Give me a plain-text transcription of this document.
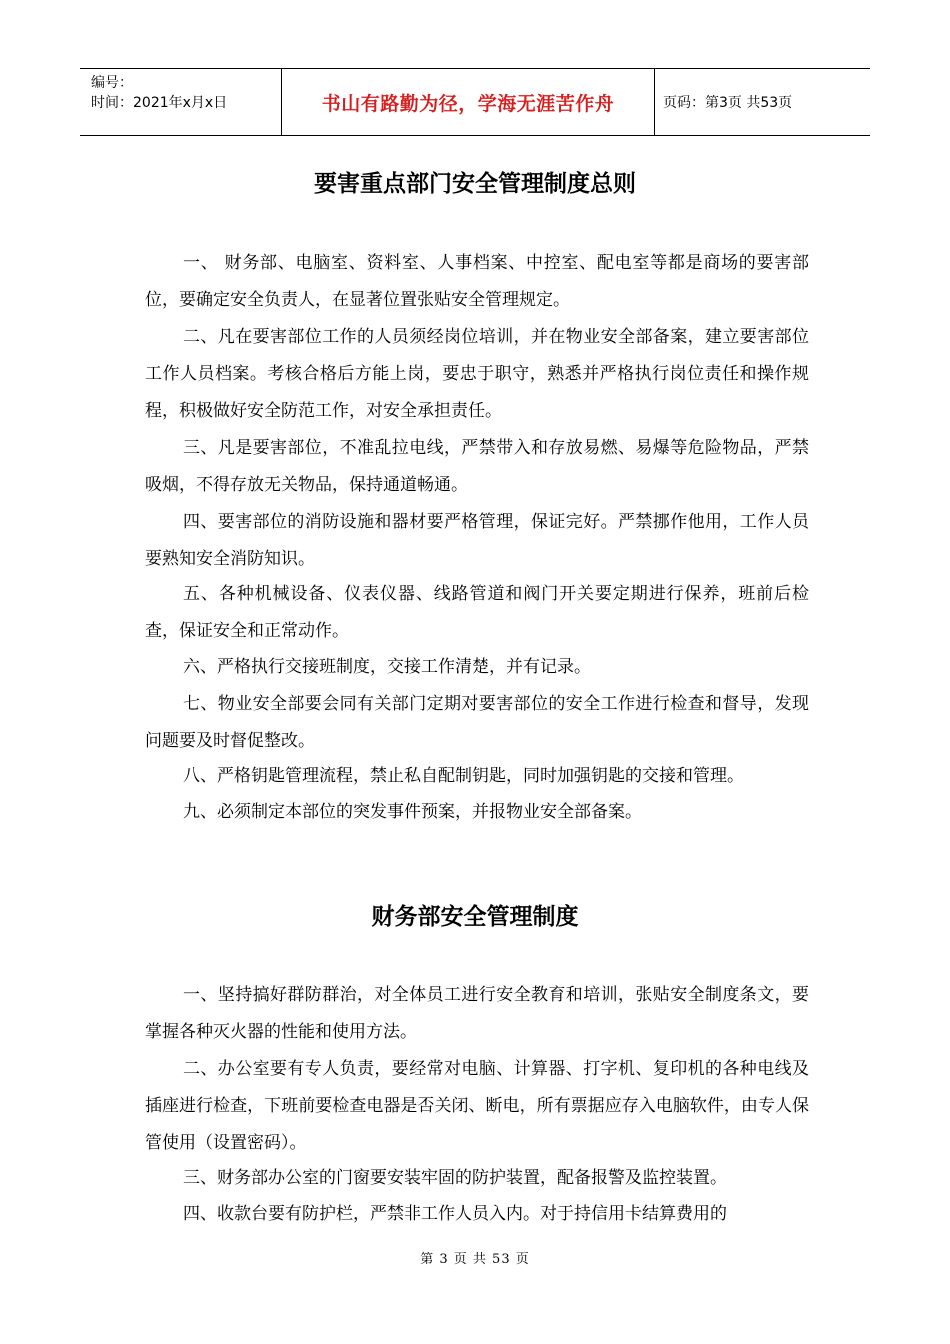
编号：
时间：2021年x月x日	书山有路勤为径，学海无涯苦作舟	页码：第3页 共53页
要害重点部门安全管理制度总则

一、 财务部、电脑室、资料室、人事档案、中控室、配电室等都是商场的要害部位，要确定安全负责人，在显著位置张贴安全管理规定。

二、凡在要害部位工作的人员须经岗位培训，并在物业安全部备案，建立要害部位工作人员档案。考核合格后方能上岗，要忠于职守，熟悉并严格执行岗位责任和操作规程，积极做好安全防范工作，对安全承担责任。

三、凡是要害部位，不准乱拉电线，严禁带入和存放易燃、易爆等危险物品，严禁吸烟，不得存放无关物品，保持通道畅通。

四、要害部位的消防设施和器材要严格管理，保证完好。严禁挪作他用，工作人员要熟知安全消防知识。

五、各种机械设备、仪表仪器、线路管道和阀门开关要定期进行保养，班前后检查，保证安全和正常动作。

六、严格执行交接班制度，交接工作清楚，并有记录。

七、物业安全部要会同有关部门定期对要害部位的安全工作进行检查和督导，发现问题要及时督促整改。

八、严格钥匙管理流程，禁止私自配制钥匙，同时加强钥匙的交接和管理。

九、必须制定本部位的突发事件预案，并报物业安全部备案。

财务部安全管理制度

一、坚持搞好群防群治，对全体员工进行安全教育和培训，张贴安全制度条文，要掌握各种灭火器的性能和使用方法。

二、办公室要有专人负责，要经常对电脑、计算器、打字机、复印机的各种电线及插座进行检查，下班前要检查电器是否关闭、断电，所有票据应存入电脑软件，由专人保管使用（设置密码）。

三、财务部办公室的门窗要安装牢固的防护装置，配备报警及监控装置。

四、收款台要有防护栏，严禁非工作人员入内。对于持信用卡结算费用的

第 3 页 共 53 页
